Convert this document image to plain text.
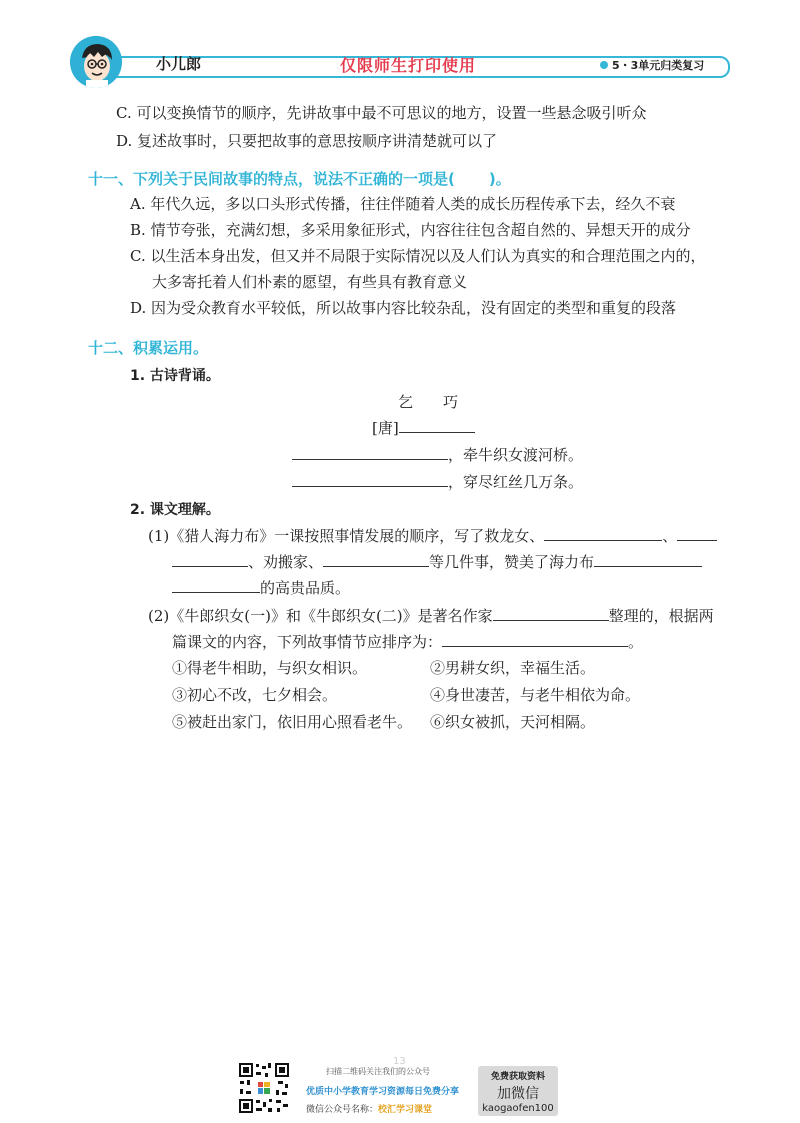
小儿郎	仅限师生打印使用	5・3单元归类复习
C. 可以变换情节的顺序，先讲故事中最不可思议的地方，设置一些悬念吸引听众
D. 复述故事时，只要把故事的意思按顺序讲清楚就可以了
十一、下列关于民间故事的特点，说法不正确的一项是( )。
A. 年代久远，多以口头形式传播，往往伴随着人类的成长历程传承下去，经久不衰
B. 情节夸张，充满幻想，多采用象征形式，内容往往包含超自然的、异想天开的成分
C. 以生活本身出发，但又并不局限于实际情况以及人们认为真实的和合理范围之内的，
大多寄托着人们朴素的愿望，有些具有教育意义
D. 因为受众教育水平较低，所以故事内容比较杂乱，没有固定的类型和重复的段落
十二、积累运用。
1. 古诗背诵。
乞　　巧
[唐]
，牵牛织女渡河桥。
，穿尽红丝几万条。
2. 课文理解。
(1)《猎人海力布》一课按照事情发展的顺序，写了救龙女、	、
、劝搬家、	等几件事，赞美了海力布
的高贵品质。
(2)《牛郎织女(一)》和《牛郎织女(二)》是著名作家	整理的，根据两
篇课文的内容，下列故事情节应排序为：	。
①得老牛相助，与织女相识。	②男耕女织，幸福生活。
③初心不改，七夕相会。	④身世凄苦，与老牛相依为命。
⑤被赶出家门，依旧用心照看老牛。 ⑥织女被抓，天河相隔。
13
扫描二维码关注我们的公众号
优质中小学教育学习资源每日免费分享
微信公众号名称：校汇学习课堂
免费获取资料
加微信
kaogaofen100
